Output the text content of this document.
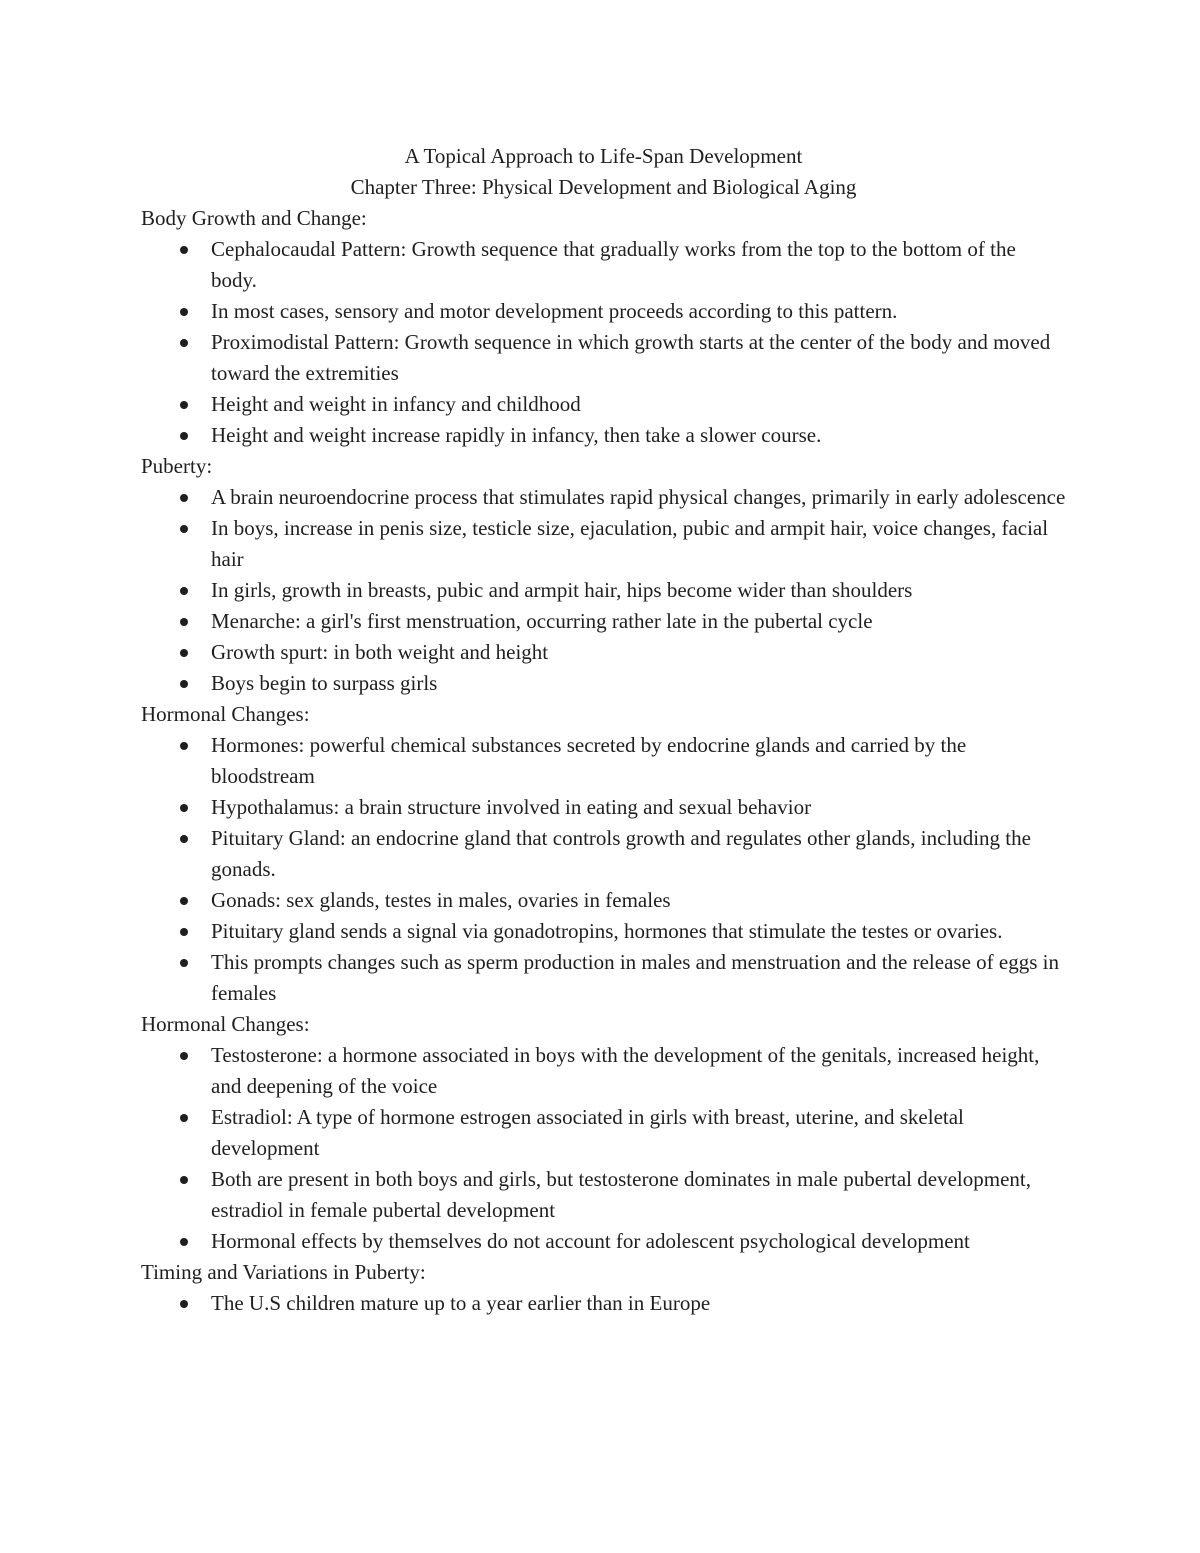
A Topical Approach to Life-Span Development
Chapter Three: Physical Development and Biological Aging
Body Growth and Change:
Cephalocaudal Pattern: Growth sequence that gradually works from the top to the bottom of the body.
In most cases, sensory and motor development proceeds according to this pattern.
Proximodistal Pattern: Growth sequence in which growth starts at the center of the body and moved toward the extremities
Height and weight in infancy and childhood
Height and weight increase rapidly in infancy, then take a slower course.
Puberty:
A brain neuroendocrine process that stimulates rapid physical changes, primarily in early adolescence
In boys, increase in penis size, testicle size, ejaculation, pubic and armpit hair, voice changes, facial hair
In girls, growth in breasts, pubic and armpit hair, hips become wider than shoulders
Menarche: a girl's first menstruation, occurring rather late in the pubertal cycle
Growth spurt: in both weight and height
Boys begin to surpass girls
Hormonal Changes:
Hormones: powerful chemical substances secreted by endocrine glands and carried by the bloodstream
Hypothalamus: a brain structure involved in eating and sexual behavior
Pituitary Gland: an endocrine gland that controls growth and regulates other glands, including the gonads.
Gonads: sex glands, testes in males, ovaries in females
Pituitary gland sends a signal via gonadotropins, hormones that stimulate the testes or ovaries.
This prompts changes such as sperm production in males and menstruation and the release of eggs in females
Hormonal Changes:
Testosterone: a hormone associated in boys with the development of the genitals, increased height, and deepening of the voice
Estradiol: A type of hormone estrogen associated in girls with breast, uterine, and skeletal development
Both are present in both boys and girls, but testosterone dominates in male pubertal development, estradiol in female pubertal development
Hormonal effects by themselves do not account for adolescent psychological development
Timing and Variations in Puberty:
The U.S children mature up to a year earlier than in Europe
